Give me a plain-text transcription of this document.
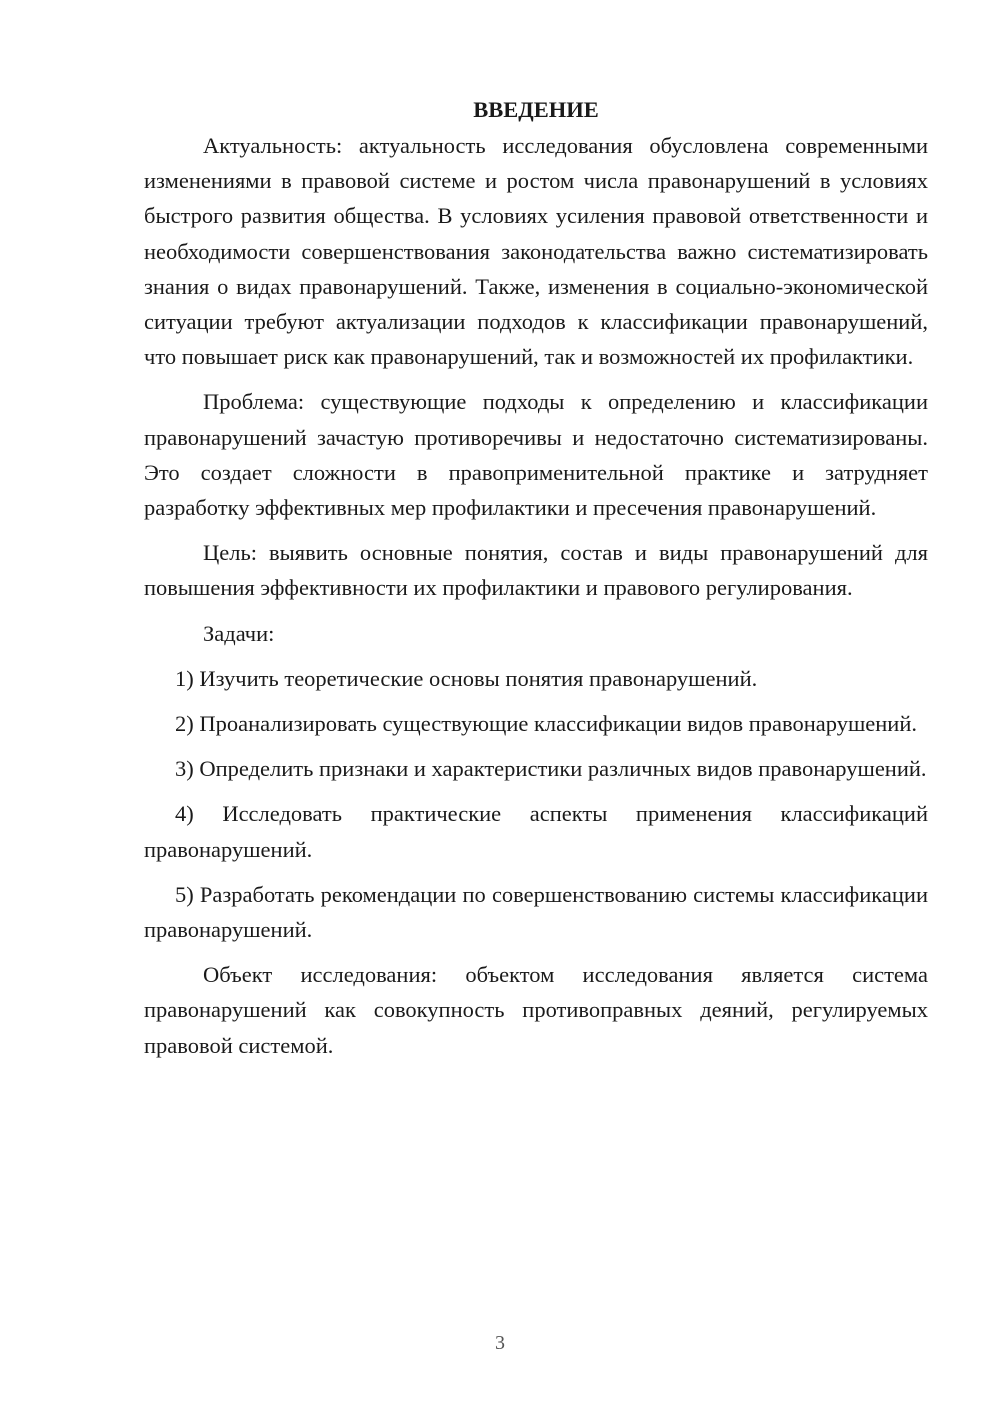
ВВЕДЕНИЕ

Актуальность: актуальность исследования обусловлена современными изменениями в правовой системе и ростом числа правонарушений в условиях быстрого развития общества. В условиях усиления правовой ответственности и необходимости совершенствования законодательства важно систематизировать знания о видах правонарушений. Также, изменения в социально-экономической ситуации требуют актуализации подходов к классификации правонарушений, что повышает риск как правонарушений, так и возможностей их профилактики.

Проблема: существующие подходы к определению и классификации правонарушений зачастую противоречивы и недостаточно систематизированы. Это создает сложности в правоприменительной практике и затрудняет разработку эффективных мер профилактики и пресечения правонарушений.

Цель: выявить основные понятия, состав и виды правонарушений для повышения эффективности их профилактики и правового регулирования.

Задачи:

1) Изучить теоретические основы понятия правонарушений.

2) Проанализировать существующие классификации видов правонарушений.

3) Определить признаки и характеристики различных видов правонарушений.

4) Исследовать практические аспекты применения классификаций правонарушений.

5) Разработать рекомендации по совершенствованию системы классификации правонарушений.

Объект исследования: объектом исследования является система правонарушений как совокупность противоправных деяний, регулируемых правовой системой.

3
